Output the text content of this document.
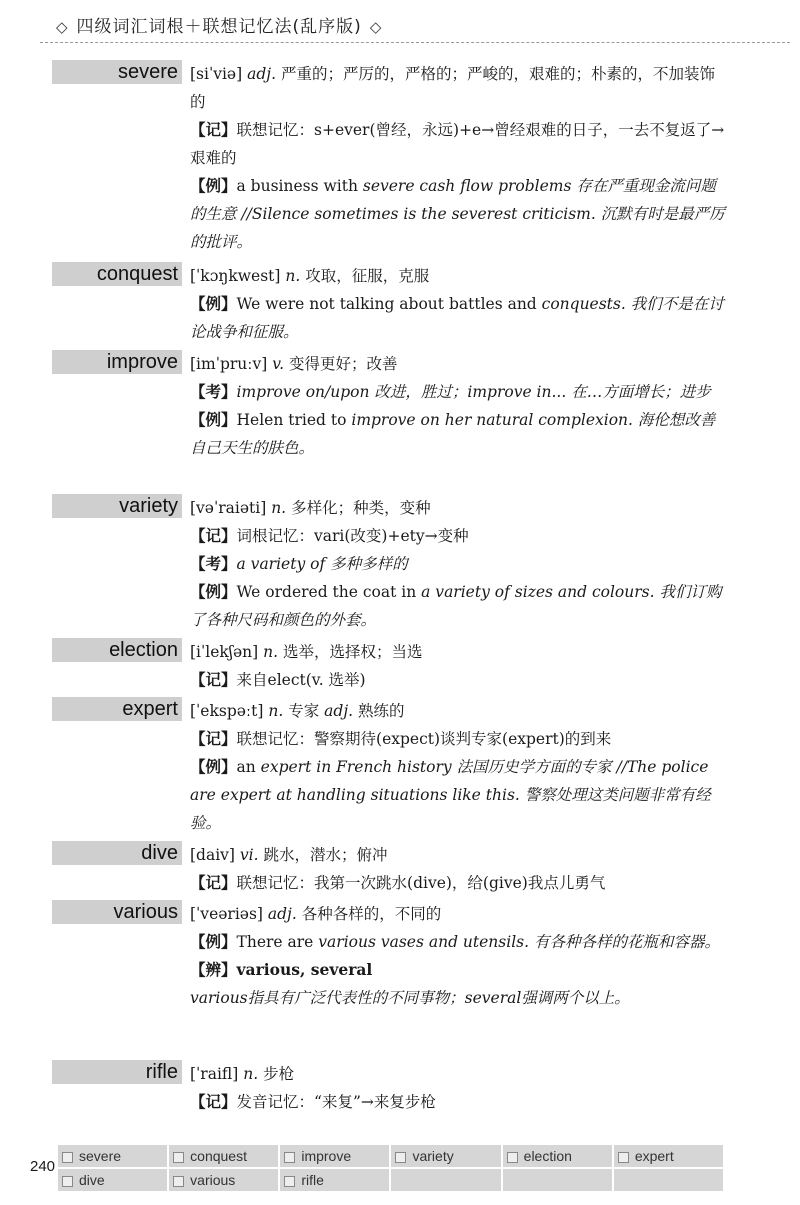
◇ 四级词汇词根＋联想记忆法(乱序版) ◇
severe [siˈviə] adj. 严重的；严厉的，严格的；严峻的，艰难的；朴素的，不加装饰的

【记】联想记忆：s+ever(曾经，永远)+e→曾经艰难的日子，一去不复返了→艰难的

【例】a business with severe cash flow problems 存在严重现金流问题的生意 //Silence sometimes is the severest criticism. 沉默有时是最严厉的批评。

conquest [ˈkɔŋkwest] n. 攻取，征服，克服

【例】We were not talking about battles and conquests. 我们不是在讨论战争和征服。

improve [imˈpruːv] v. 变得更好；改善

【考】improve on/upon 改进，胜过；improve in... 在…方面增长；进步

【例】Helen tried to improve on her natural complexion. 海伦想改善自己天生的肤色。

variety [vəˈraiəti] n. 多样化；种类，变种

【记】词根记忆：vari(改变)+ety→变种

【考】a variety of 多种多样的

【例】We ordered the coat in a variety of sizes and colours. 我们订购了各种尺码和颜色的外套。

election [iˈlekʃən] n. 选举，选择权；当选

【记】来自elect(v. 选举)

expert [ˈekspəːt] n. 专家 adj. 熟练的

【记】联想记忆：警察期待(expect)谈判专家(expert)的到来

【例】an expert in French history 法国历史学方面的专家 //The police are expert at handling situations like this. 警察处理这类问题非常有经验。

dive [daiv] vi. 跳水，潜水；俯冲

【记】联想记忆：我第一次跳水(dive)，给(give)我点儿勇气

various [ˈveəriəs] adj. 各种各样的，不同的

【例】There are various vases and utensils. 有各种各样的花瓶和容器。

【辨】various, several

various指具有广泛代表性的不同事物；several强调两个以上。

rifle [ˈraifl] n. 步枪

【记】发音记忆：“来复”→来复步枪

240
severe	conquest	improve	variety	election	expert
dive	various	rifle
